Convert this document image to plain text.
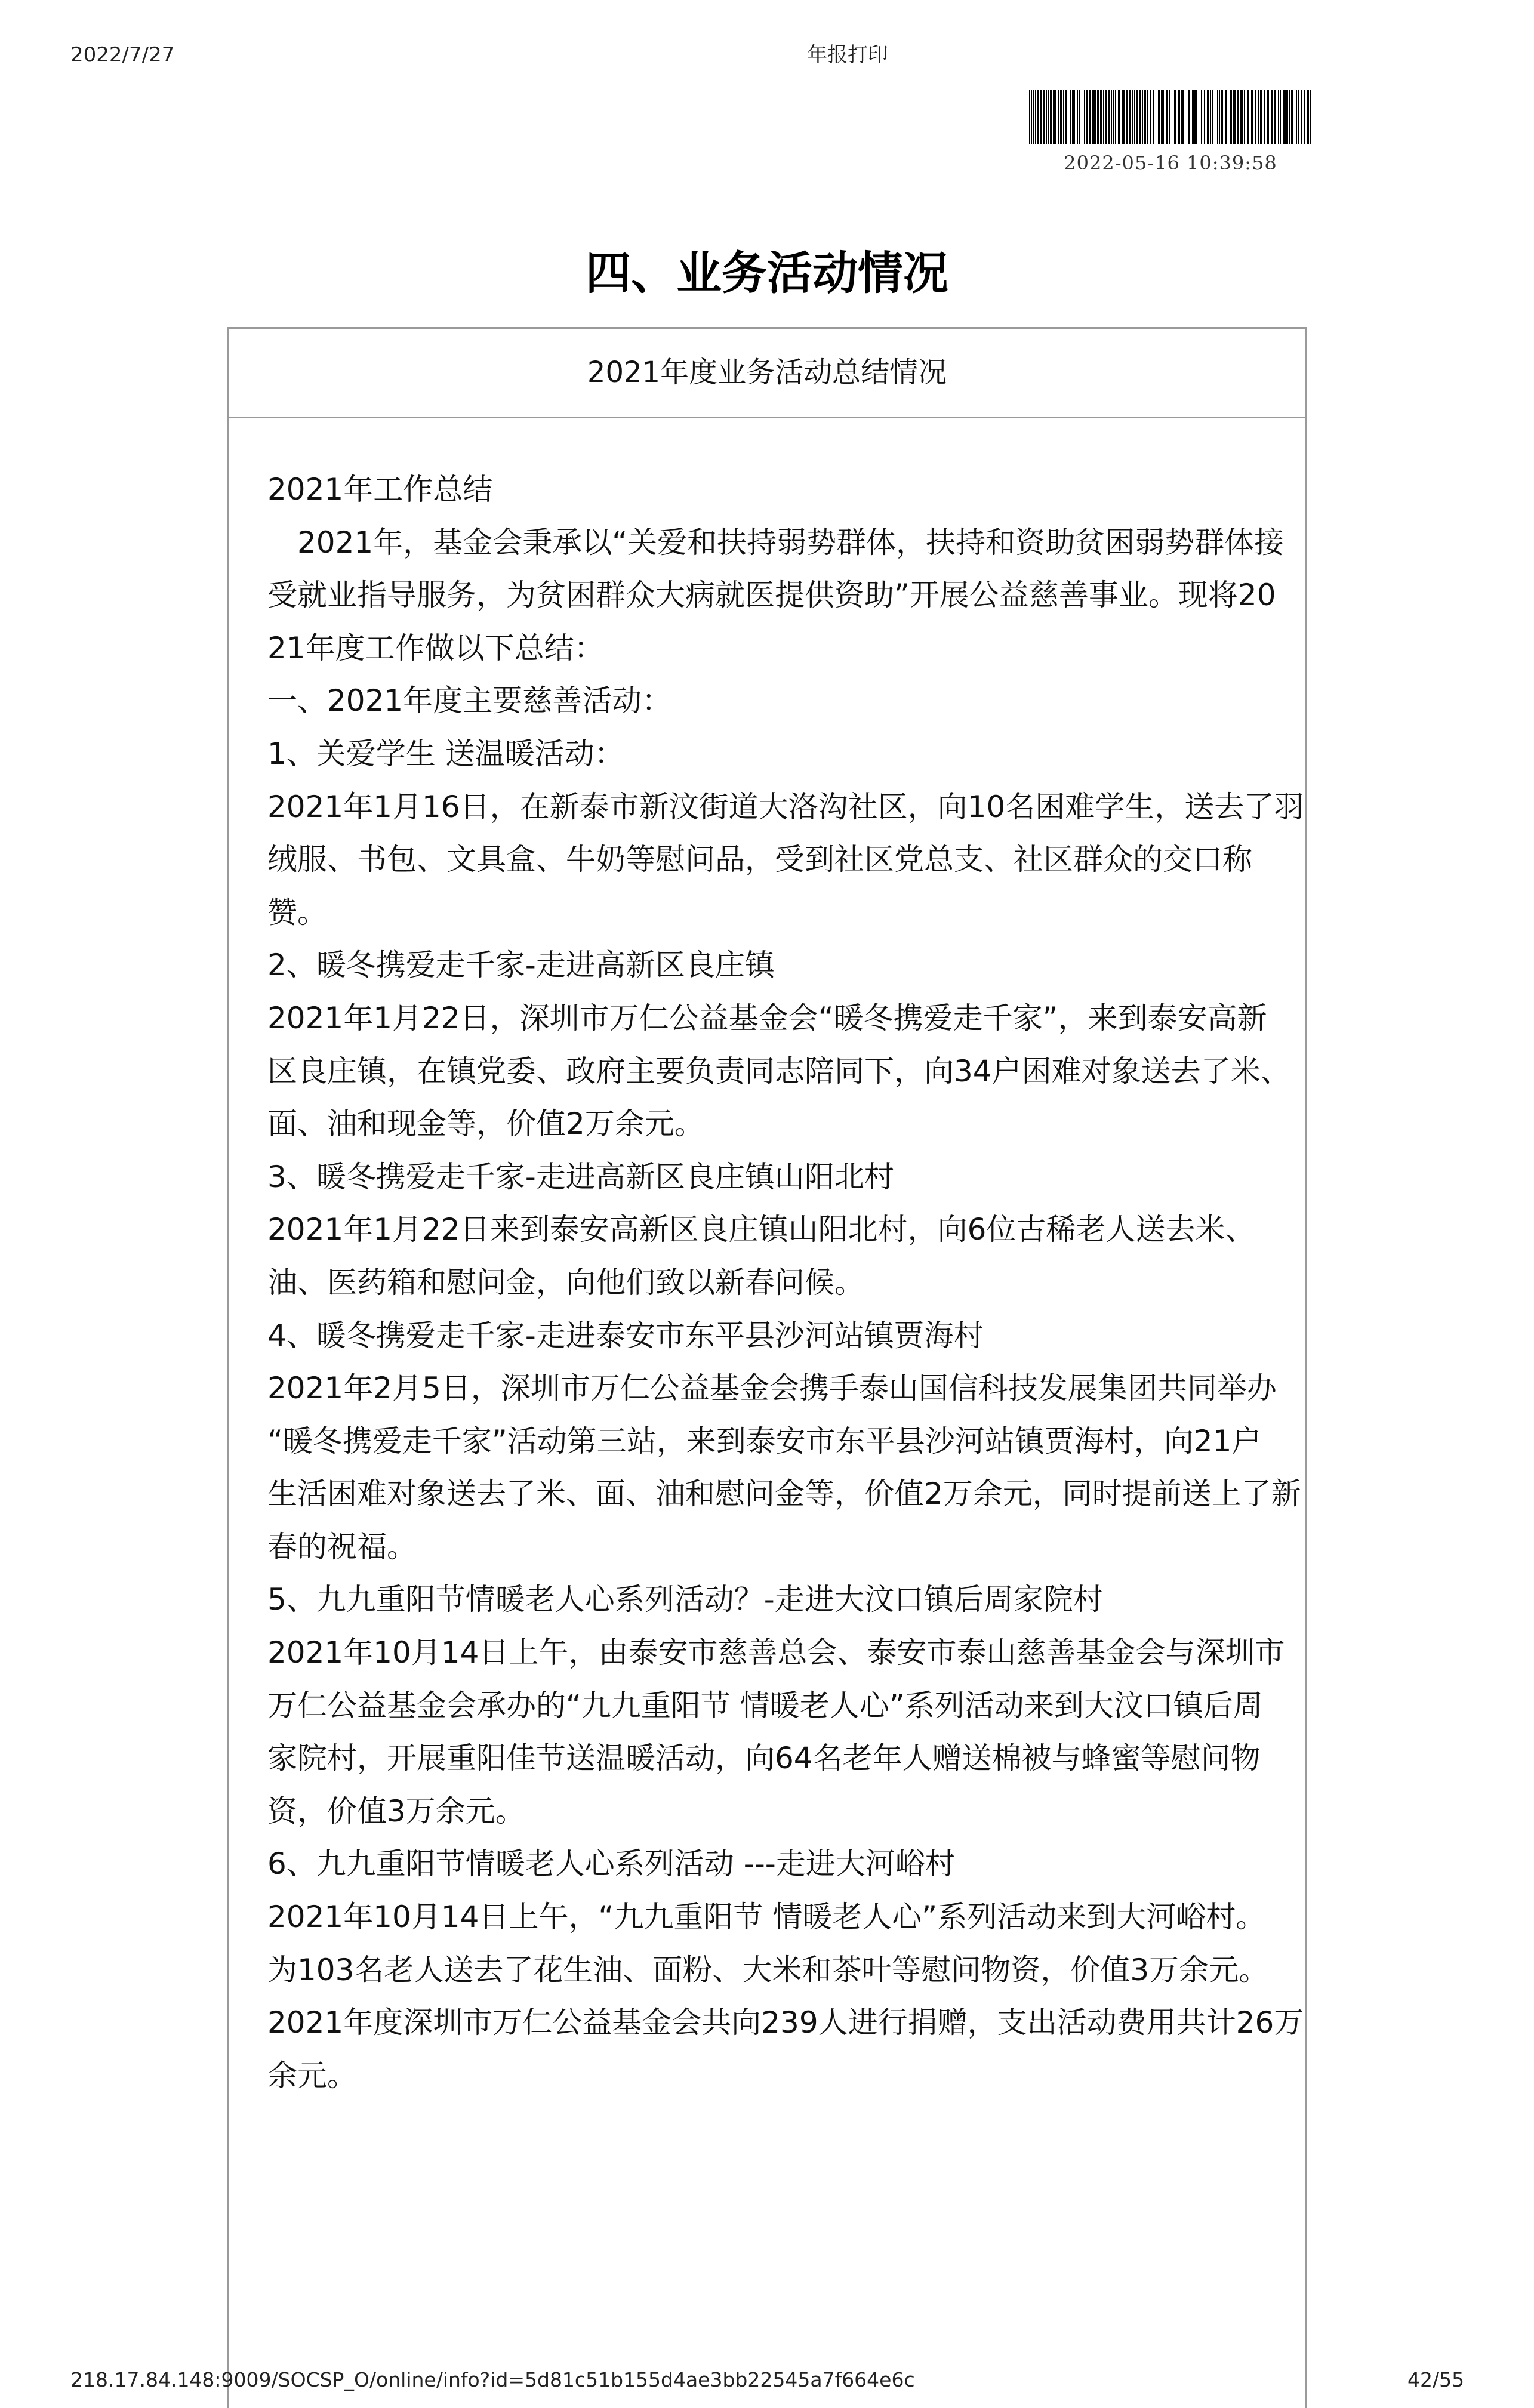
2022/7/27	年报打印
2022-05-16 10:39:58
四、业务活动情况
2021年度业务活动总结情况
2021年工作总结
　2021年，基金会秉承以“关爱和扶持弱势群体，扶持和资助贫困弱势群体接
受就业指导服务，为贫困群众大病就医提供资助”开展公益慈善事业。现将20
21年度工作做以下总结：
一、2021年度主要慈善活动：
1、关爱学生 送温暖活动：
2021年1月16日，在新泰市新汶街道大洛沟社区，向10名困难学生，送去了羽
绒服、书包、文具盒、牛奶等慰问品，受到社区党总支、社区群众的交口称
赞。
2、暖冬携爱走千家-走进高新区良庄镇
2021年1月22日，深圳市万仁公益基金会“暖冬携爱走千家”，来到泰安高新
区良庄镇，在镇党委、政府主要负责同志陪同下，向34户困难对象送去了米、
面、油和现金等，价值2万余元。
3、暖冬携爱走千家-走进高新区良庄镇山阳北村
2021年1月22日来到泰安高新区良庄镇山阳北村，向6位古稀老人送去米、
油、医药箱和慰问金，向他们致以新春问候。
4、暖冬携爱走千家-走进泰安市东平县沙河站镇贾海村
2021年2月5日，深圳市万仁公益基金会携手泰山国信科技发展集团共同举办
“暖冬携爱走千家”活动第三站，来到泰安市东平县沙河站镇贾海村，向21户
生活困难对象送去了米、面、油和慰问金等，价值2万余元，同时提前送上了新
春的祝福。
5、九九重阳节情暖老人心系列活动？-走进大汶口镇后周家院村
2021年10月14日上午，由泰安市慈善总会、泰安市泰山慈善基金会与深圳市
万仁公益基金会承办的“九九重阳节 情暖老人心”系列活动来到大汶口镇后周
家院村，开展重阳佳节送温暖活动，向64名老年人赠送棉被与蜂蜜等慰问物
资，价值3万余元。
6、九九重阳节情暖老人心系列活动 ---走进大河峪村
2021年10月14日上午，“九九重阳节 情暖老人心”系列活动来到大河峪村。
为103名老人送去了花生油、面粉、大米和茶叶等慰问物资，价值3万余元。
2021年度深圳市万仁公益基金会共向239人进行捐赠，支出活动费用共计26万
余元。
218.17.84.148:9009/SOCSP_O/online/info?id=5d81c51b155d4ae3bb22545a7f664e6c	42/55
